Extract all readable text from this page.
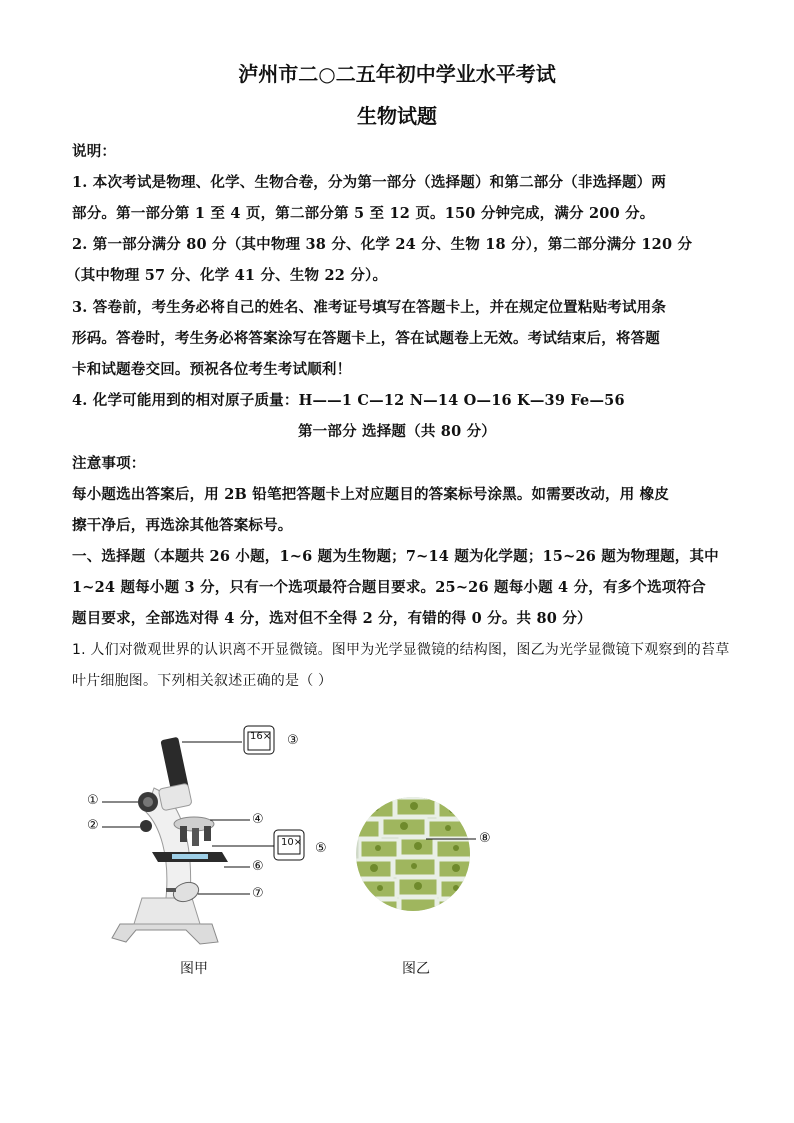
泸州市二○二五年初中学业水平考试
生物试题
说明：
1. 本次考试是物理、化学、生物合卷，分为第一部分（选择题）和第二部分（非选择题）两
部分。第一部分第 1 至 4 页，第二部分第 5 至 12 页。150 分钟完成，满分 200 分。
2. 第一部分满分 80 分（其中物理 38 分、化学 24 分、生物 18 分），第二部分满分 120 分
（其中物理 57 分、化学 41 分、生物 22 分）。
3. 答卷前，考生务必将自己的姓名、准考证号填写在答题卡上，并在规定位置粘贴考试用条
形码。答卷时，考生务必将答案涂写在答题卡上，答在试题卷上无效。考试结束后，将答题
卡和试题卷交回。预祝各位考生考试顺利！
4. 化学可能用到的相对原子质量：H——1 C—12 N—14 O—16 K—39 Fe—56
第一部分 选择题（共 80 分）
注意事项：
每小题选出答案后，用 2B 铅笔把答题卡上对应题目的答案标号涂黑。如需要改动，用 橡皮
擦干净后，再选涂其他答案标号。
一、选择题（本题共 26 小题，1~6 题为生物题；7~14 题为化学题；15~26 题为物理题，其中
1~24 题每小题 3 分，只有一个选项最符合题目要求。25~26 题每小题 4 分，有多个选项符合
题目要求，全部选对得 4 分，选对但不全得 2 分，有错的得 0 分。共 80 分）
1. 人们对微观世界的认识离不开显微镜。图甲为光学显微镜的结构图，图乙为光学显微镜下观察到的苔草
叶片细胞图。下列相关叙述正确的是（ ）
16×
10×
①
②
③
④
⑤
⑥
⑦
⑧
图甲	图乙
